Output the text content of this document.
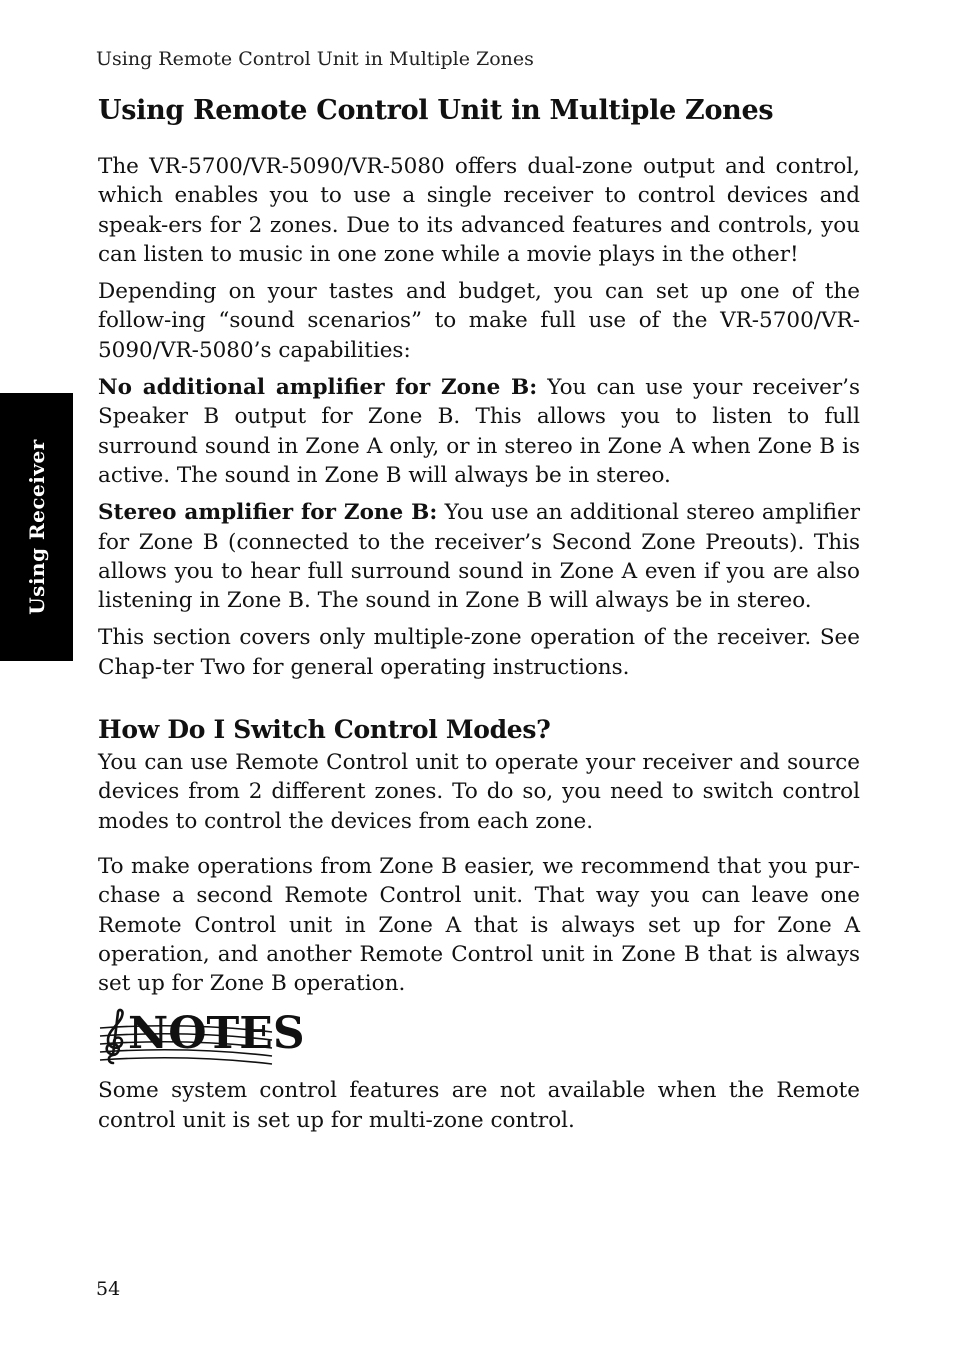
Using Remote Control Unit in Multiple Zones
Using Receiver
Using Remote Control Unit in Multiple Zones

The VR-5700/VR-5090/VR-5080 offers dual-zone output and control, which enables you to use a single receiver to control devices and speak-ers for 2 zones. Due to its advanced features and controls, you can listen to music in one zone while a movie plays in the other!

Depending on your tastes and budget, you can set up one of the follow-ing “sound scenarios” to make full use of the VR-5700/VR-5090/VR-5080’s capabilities:

No additional amplifier for Zone B: You can use your receiver’s Speaker B output for Zone B. This allows you to listen to full surround sound in Zone A only, or in stereo in Zone A when Zone B is active. The sound in Zone B will always be in stereo.

Stereo amplifier for Zone B: You use an additional stereo amplifier for Zone B (connected to the receiver’s Second Zone Preouts). This allows you to hear full surround sound in Zone A even if you are also listening in Zone B. The sound in Zone B will always be in stereo.

This section covers only multiple-zone operation of the receiver. See Chap-ter Two for general operating instructions.

How Do I Switch Control Modes?

You can use Remote Control unit to operate your receiver and source devices from 2 different zones. To do so, you need to switch control modes to control the devices from each zone.

To make operations from Zone B easier, we recommend that you pur-chase a second Remote Control unit. That way you can leave one Remote Control unit in Zone A that is always set up for Zone A operation, and another Remote Control unit in Zone B that is always set up for Zone B operation.

NOTES

Some system control features are not available when the Remote control unit is set up for multi-zone control.

54
